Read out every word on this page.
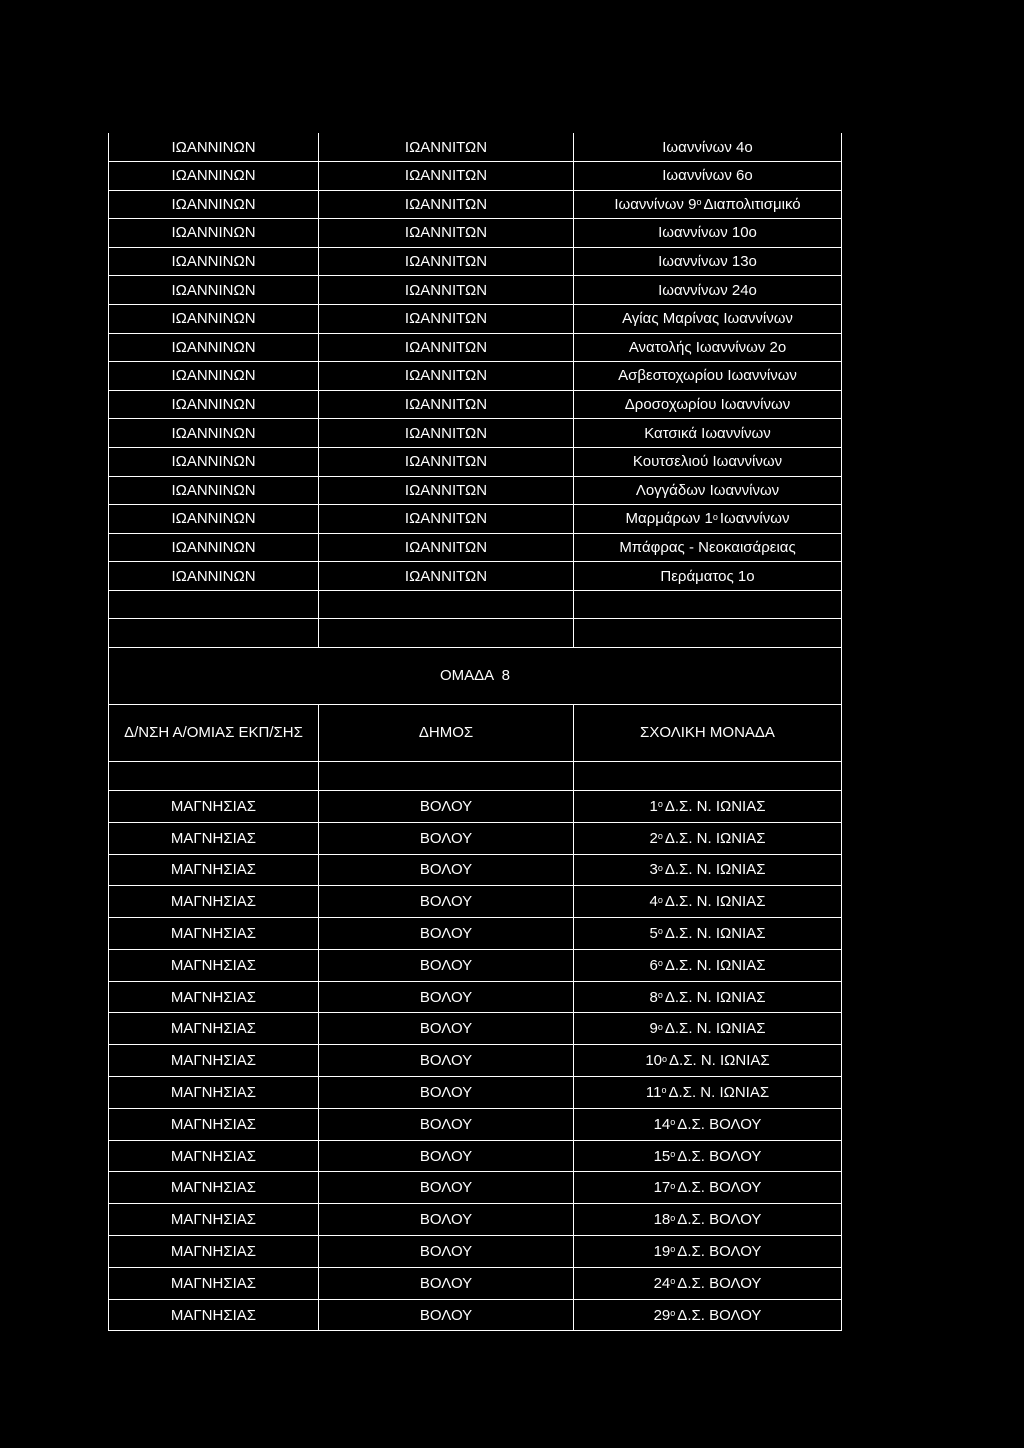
ΙΩΑΝΝΙΝΩΝ	ΙΩΑΝΝΙΤΩΝ	Ιωαννίνων 4ο
ΙΩΑΝΝΙΝΩΝ	ΙΩΑΝΝΙΤΩΝ	Ιωαννίνων 6ο
ΙΩΑΝΝΙΝΩΝ	ΙΩΑΝΝΙΤΩΝ	Ιωαννίνων $9^o$ Διαπολιτισμικό
ΙΩΑΝΝΙΝΩΝ	ΙΩΑΝΝΙΤΩΝ	Ιωαννίνων 10ο
ΙΩΑΝΝΙΝΩΝ	ΙΩΑΝΝΙΤΩΝ	Ιωαννίνων 13ο
ΙΩΑΝΝΙΝΩΝ	ΙΩΑΝΝΙΤΩΝ	Ιωαννίνων 24ο
ΙΩΑΝΝΙΝΩΝ	ΙΩΑΝΝΙΤΩΝ	Αγίας Μαρίνας Ιωαννίνων
ΙΩΑΝΝΙΝΩΝ	ΙΩΑΝΝΙΤΩΝ	Ανατολής Ιωαννίνων 2ο
ΙΩΑΝΝΙΝΩΝ	ΙΩΑΝΝΙΤΩΝ	Ασβεστοχωρίου Ιωαννίνων
ΙΩΑΝΝΙΝΩΝ	ΙΩΑΝΝΙΤΩΝ	Δροσοχωρίου Ιωαννίνων
ΙΩΑΝΝΙΝΩΝ	ΙΩΑΝΝΙΤΩΝ	Κατσικά Ιωαννίνων
ΙΩΑΝΝΙΝΩΝ	ΙΩΑΝΝΙΤΩΝ	Κουτσελιού Ιωαννίνων
ΙΩΑΝΝΙΝΩΝ	ΙΩΑΝΝΙΤΩΝ	Λογγάδων Ιωαννίνων
ΙΩΑΝΝΙΝΩΝ	ΙΩΑΝΝΙΤΩΝ	Μαρμάρων $1^o$ Ιωαννίνων
ΙΩΑΝΝΙΝΩΝ	ΙΩΑΝΝΙΤΩΝ	Μπάφρας - Νεοκαισάρειας
ΙΩΑΝΝΙΝΩΝ	ΙΩΑΝΝΙΤΩΝ	Περάματος 1ο
ΟΜΑΔΑ  8
Δ/ΝΣΗ Α/ΟΜΙΑΣ ΕΚΠ/ΣΗΣ	ΔΗΜΟΣ	ΣΧΟΛΙΚΗ ΜΟΝΑΔΑ
ΜΑΓΝΗΣΙΑΣ	ΒΟΛΟΥ	$1^o$ Δ.Σ. Ν. ΙΩΝΙΑΣ
ΜΑΓΝΗΣΙΑΣ	ΒΟΛΟΥ	$2^o$ Δ.Σ. Ν. ΙΩΝΙΑΣ
ΜΑΓΝΗΣΙΑΣ	ΒΟΛΟΥ	$3^o$ Δ.Σ. Ν. ΙΩΝΙΑΣ
ΜΑΓΝΗΣΙΑΣ	ΒΟΛΟΥ	$4^o$ Δ.Σ. Ν. ΙΩΝΙΑΣ
ΜΑΓΝΗΣΙΑΣ	ΒΟΛΟΥ	$5^o$ Δ.Σ. Ν. ΙΩΝΙΑΣ
ΜΑΓΝΗΣΙΑΣ	ΒΟΛΟΥ	$6^o$ Δ.Σ. Ν. ΙΩΝΙΑΣ
ΜΑΓΝΗΣΙΑΣ	ΒΟΛΟΥ	$8^o$ Δ.Σ. Ν. ΙΩΝΙΑΣ
ΜΑΓΝΗΣΙΑΣ	ΒΟΛΟΥ	$9^o$ Δ.Σ. Ν. ΙΩΝΙΑΣ
ΜΑΓΝΗΣΙΑΣ	ΒΟΛΟΥ	$10^o$ Δ.Σ. Ν. ΙΩΝΙΑΣ
ΜΑΓΝΗΣΙΑΣ	ΒΟΛΟΥ	$11^o$ Δ.Σ. Ν. ΙΩΝΙΑΣ
ΜΑΓΝΗΣΙΑΣ	ΒΟΛΟΥ	$14^o$ Δ.Σ. ΒΟΛΟΥ
ΜΑΓΝΗΣΙΑΣ	ΒΟΛΟΥ	$15^o$ Δ.Σ. ΒΟΛΟΥ
ΜΑΓΝΗΣΙΑΣ	ΒΟΛΟΥ	$17^o$ Δ.Σ. ΒΟΛΟΥ
ΜΑΓΝΗΣΙΑΣ	ΒΟΛΟΥ	$18^o$ Δ.Σ. ΒΟΛΟΥ
ΜΑΓΝΗΣΙΑΣ	ΒΟΛΟΥ	$19^o$ Δ.Σ. ΒΟΛΟΥ
ΜΑΓΝΗΣΙΑΣ	ΒΟΛΟΥ	$24^o$ Δ.Σ. ΒΟΛΟΥ
ΜΑΓΝΗΣΙΑΣ	ΒΟΛΟΥ	$29^o$ Δ.Σ. ΒΟΛΟΥ
